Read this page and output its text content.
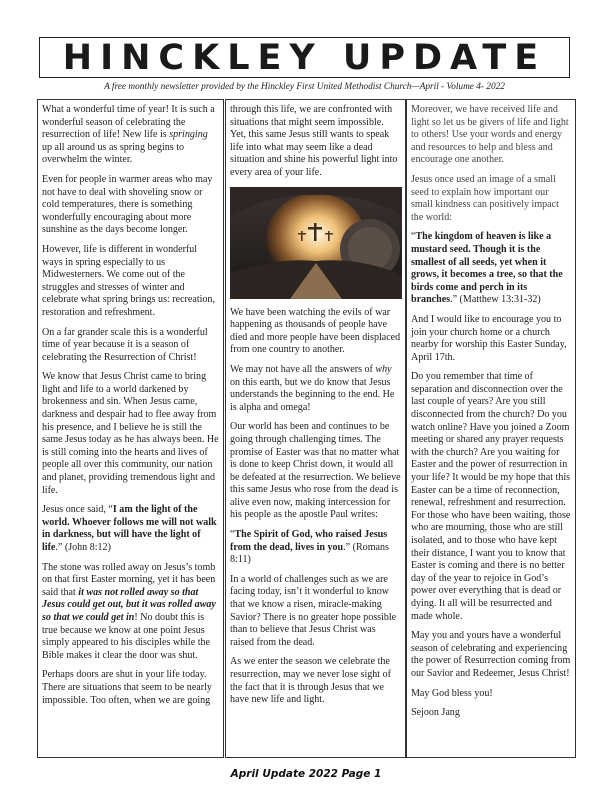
HINCKLEY UPDATE
A free monthly newsletter provided by the Hinckley First United Methodist Church—April - Volume 4- 2022

What a wonderful time of year! It is such a wonderful season of celebrating the resurrection of life! New life is springing up all around us as spring begins to overwhelm the winter.

Even for people in warmer areas who may not have to deal with shoveling snow or cold temperatures, there is something wonderfully encouraging about more sunshine as the days become longer.

However, life is different in wonderful ways in spring especially to us Midwesterners. We come out of the struggles and stresses of winter and celebrate what spring brings us: recreation, restoration and refreshment.

On a far grander scale this is a wonderful time of year because it is a season of celebrating the Resurrection of Christ!

We know that Jesus Christ came to bring light and life to a world darkened by brokenness and sin. When Jesus came, darkness and despair had to flee away from his presence, and I believe he is still the same Jesus today as he has always been. He is still coming into the hearts and lives of people all over this community, our nation and planet, providing tremendous light and life.

Jesus once said, “I am the light of the world. Whoever follows me will not walk in darkness, but will have the light of life.” (John 8:12)

The stone was rolled away on Jesus’s tomb on that first Easter morning, yet it has been said that it was not rolled away so that Jesus could get out, but it was rolled away so that we could get in! No doubt this is true because we know at one point Jesus simply appeared to his disciples while the Bible makes it clear the door was shut.

Perhaps doors are shut in your life today. There are situations that seem to be nearly impossible. Too often, when we are going

through this life, we are confronted with situations that might seem impossible. Yet, this same Jesus still wants to speak life into what may seem like a dead situation and shine his powerful light into every area of your life.

We have been watching the evils of war happening as thousands of people have died and more people have been displaced from one country to another.

We may not have all the answers of why on this earth, but we do know that Jesus understands the beginning to the end. He is alpha and omega!

Our world has been and continues to be going through challenging times. The promise of Easter was that no matter what is done to keep Christ down, it would all be defeated at the resurrection. We believe this same Jesus who rose from the dead is alive even now, making intercession for his people as the apostle Paul writes:

“The Spirit of God, who raised Jesus from the dead, lives in you.” (Romans 8:11)

In a world of challenges such as we are facing today, isn’t it wonderful to know that we know a risen, miracle-making Savior? There is no greater hope possible than to believe that Jesus Christ was raised from the dead.

As we enter the season we celebrate the resurrection, may we never lose sight of the fact that it is through Jesus that we have new life and light.

Moreover, we have received life and light so let us be givers of life and light to others! Use your words and energy and resources to help and bless and encourage one another.

Jesus once used an image of a small seed to explain how important our small kindness can positively impact the world:

“The kingdom of heaven is like a mustard seed. Though it is the smallest of all seeds, yet when it grows, it becomes a tree, so that the birds come and perch in its branches.” (Matthew 13:31-32)

And I would like to encourage you to join your church home or a church nearby for worship this Easter Sunday, April 17th.

Do you remember that time of separation and disconnection over the last couple of years? Are you still disconnected from the church? Do you watch online? Have you joined a Zoom meeting or shared any prayer requests with the church? Are you waiting for Easter and the power of resurrection in your life? It would be my hope that this Easter can be a time of reconnection, renewal, refreshment and resurrection. For those who have been waiting, those who are mourning, those who are still isolated, and to those who have kept their distance, I want you to know that Easter is coming and there is no better day of the year to rejoice in God’s power over everything that is dead or dying. It all will be resurrected and made whole.

May you and yours have a wonderful season of celebrating and experiencing the power of Resurrection coming from our Savior and Redeemer, Jesus Christ!

May God bless you!

Sejoon Jang

April Update 2022 Page 1
